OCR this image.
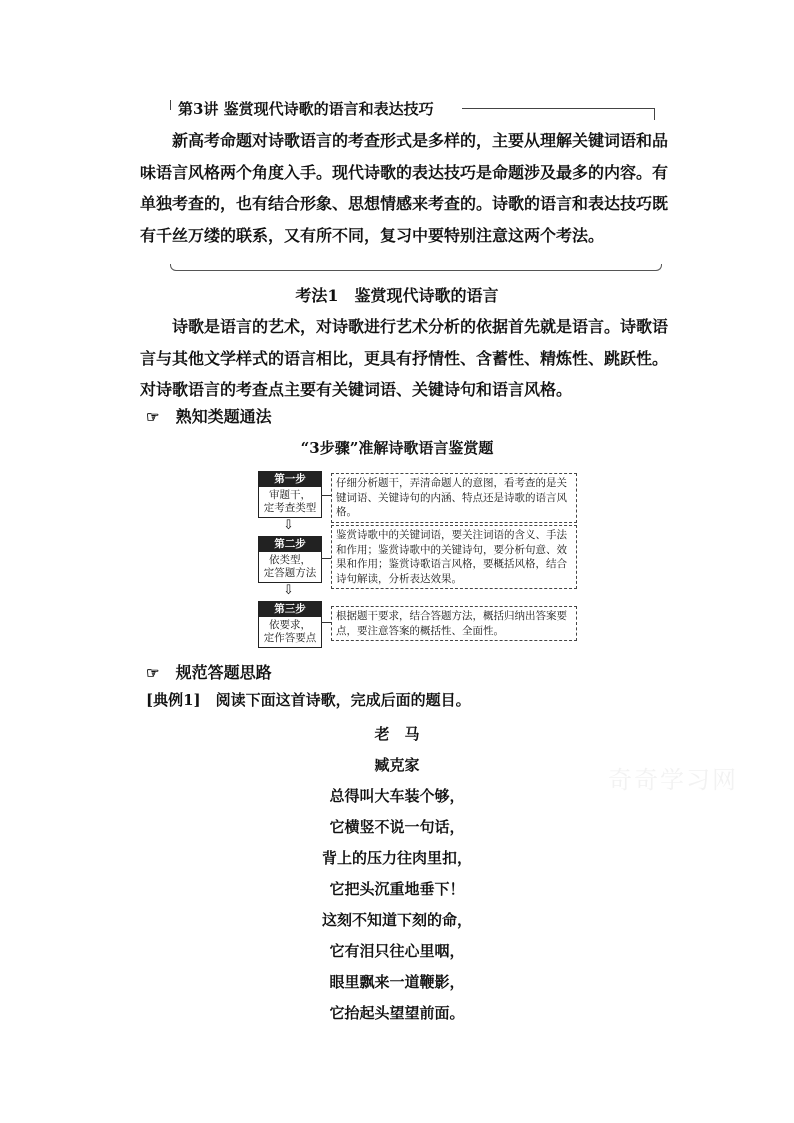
第3讲 鉴赏现代诗歌的语言和表达技巧
新高考命题对诗歌语言的考查形式是多样的，主要从理解关键词语和品味语言风格两个角度入手。现代诗歌的表达技巧是命题涉及最多的内容。有单独考查的，也有结合形象、思想情感来考查的。诗歌的语言和表达技巧既有千丝万缕的联系，又有所不同，复习中要特别注意这两个考法。
考法1　鉴赏现代诗歌的语言
诗歌是语言的艺术，对诗歌进行艺术分析的依据首先就是语言。诗歌语言与其他文学样式的语言相比，更具有抒情性、含蓄性、精炼性、跳跃性。对诗歌语言的考查点主要有关键词语、关键诗句和语言风格。
☞ 熟知类题通法
“3步骤”准解诗歌语言鉴赏题
第一步
审题干，
定考查类型
仔细分析题干，弄清命题人的意图，看考查的是关键词语、关键诗句的内涵、特点还是诗歌的语言风格。
⇩
第二步
依类型，
定答题方法
鉴赏诗歌中的关键词语，要关注词语的含义、手法和作用；鉴赏诗歌中的关键诗句，要分析句意、效果和作用；鉴赏诗歌语言风格，要概括风格，结合诗句解读，分析表达效果。
⇩
第三步
依要求，
定作答要点
根据题干要求，结合答题方法，概括归纳出答案要点，要注意答案的概括性、全面性。
☞ 规范答题思路
[典例1]　 阅读下面这首诗歌，完成后面的题目。
老　马
臧克家
总得叫大车装个够，
它横竖不说一句话，
背上的压力往肉里扣，
它把头沉重地垂下！
这刻不知道下刻的命，
它有泪只往心里咽，
眼里飘来一道鞭影，
它抬起头望望前面。
奇奇学习网
